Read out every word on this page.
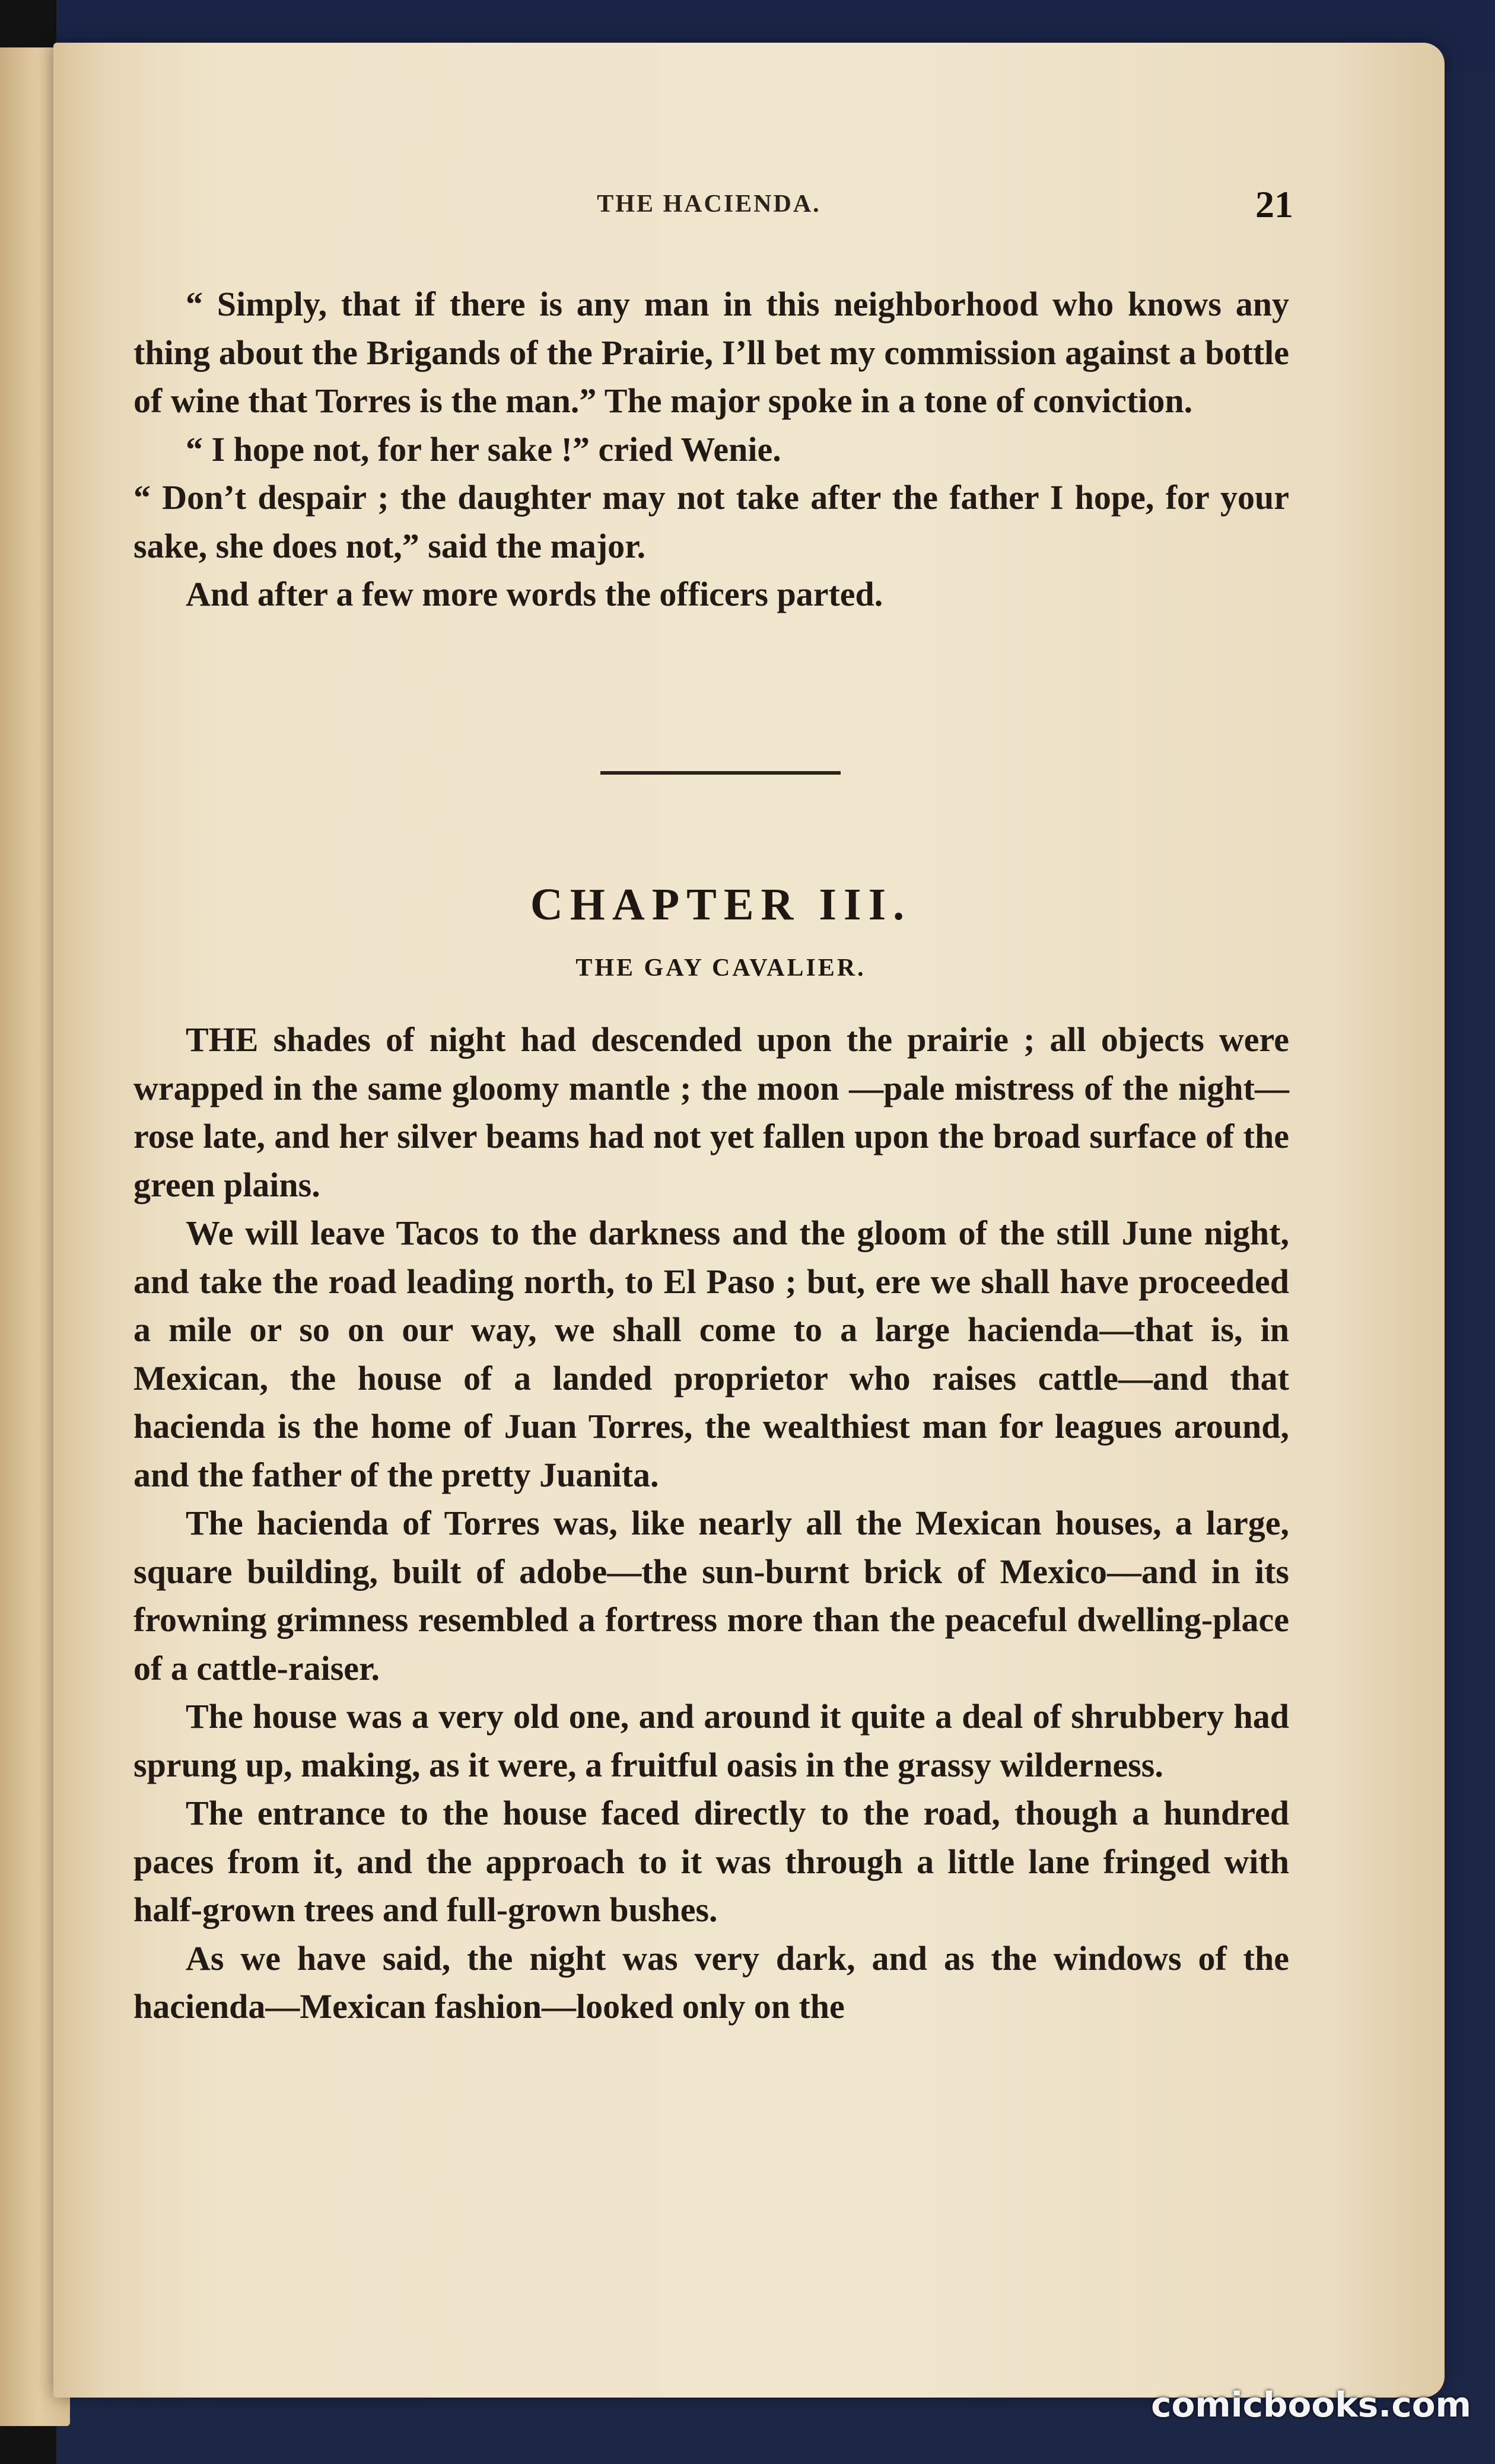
THE HACIENDA.	21

“ Simply, that if there is any man in this neighborhood who knows any thing about the Brigands of the Prairie, I’ll bet my commission against a bottle of wine that Torres is the man.” The major spoke in a tone of conviction.

“ I hope not, for her sake !” cried Wenie.

“ Don’t despair ; the daughter may not take after the father I hope, for your sake, she does not,” said the major.

And after a few more words the officers parted.

CHAPTER III.
THE GAY CAVALIER.

THE shades of night had descended upon the prairie ; all objects were wrapped in the same gloomy mantle ; the moon —pale mistress of the night—rose late, and her silver beams had not yet fallen upon the broad surface of the green plains.

We will leave Tacos to the darkness and the gloom of the still June night, and take the road leading north, to El Paso ; but, ere we shall have proceeded a mile or so on our way, we shall come to a large hacienda—that is, in Mexican, the house of a landed proprietor who raises cattle—and that hacienda is the home of Juan Torres, the wealthiest man for leagues around, and the father of the pretty Juanita.

The hacienda of Torres was, like nearly all the Mexican houses, a large, square building, built of adobe—the sun-burnt brick of Mexico—and in its frowning grimness resembled a fortress more than the peaceful dwelling-place of a cattle-raiser.

The house was a very old one, and around it quite a deal of shrubbery had sprung up, making, as it were, a fruitful oasis in the grassy wilderness.

The entrance to the house faced directly to the road, though a hundred paces from it, and the approach to it was through a little lane fringed with half-grown trees and full-grown bushes.

As we have said, the night was very dark, and as the windows of the hacienda—Mexican fashion—looked only on the

comicbooks.com
